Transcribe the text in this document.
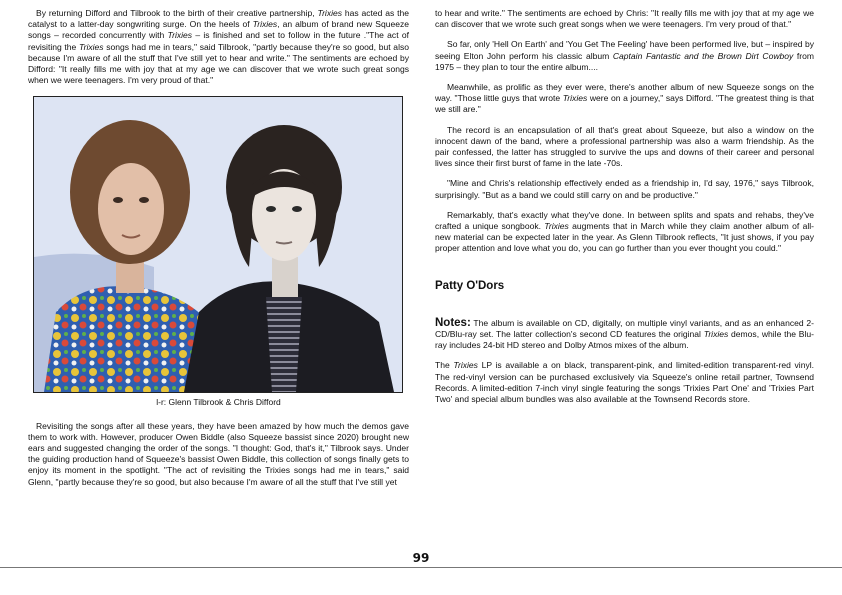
By returning Difford and Tilbrook to the birth of their creative partnership, Trixies has acted as the catalyst to a latter-day songwriting surge. On the heels of Trixies, an album of brand new Squeeze songs – recorded concurrently with Trixies – is finished and set to follow in the future ."The act of revisiting the Trixies songs had me in tears," said Tilbrook, "partly because they're so good, but also because I'm aware of all the stuff that I've still yet to hear and write." The sentiments are echoed by Difford: "It really fills me with joy that at my age we can discover that we wrote such great songs when we were teenagers. I'm very proud of that."

l-r: Glenn Tilbrook & Chris Difford

Revisiting the songs after all these years, they have been amazed by how much the demos gave them to work with. However, producer Owen Biddle (also Squeeze bassist since 2020) brought new ears and suggested changing the order of the songs. "I thought: God, that's it," Tilbrook says. Under the guiding production hand of Squeeze's bassist Owen Biddle, this collection of songs finally gets to enjoy its moment in the spotlight. "The act of revisiting the Trixies songs had me in tears," said Glenn, "partly because they're so good, but also because I'm aware of all the stuff that I've still yet

to hear and write." The sentiments are echoed by Chris: "It really fills me with joy that at my age we can discover that we wrote such great songs when we were teenagers. I'm very proud of that."

So far, only 'Hell On Earth' and 'You Get The Feeling' have been performed live, but – inspired by seeing Elton John perform his classic album Captain Fantastic and the Brown Dirt Cowboy from 1975 – they plan to tour the entire album....

Meanwhile, as prolific as they ever were, there's another album of new Squeeze songs on the way. "Those little guys that wrote Trixies were on a journey," says Difford. "The greatest thing is that we still are."

The record is an encapsulation of all that's great about Squeeze, but also a window on the innocent dawn of the band, where a professional partnership was also a warm friendship. As the pair confessed, the latter has struggled to survive the ups and downs of their career and personal lives since their first burst of fame in the late -70s.

"Mine and Chris's relationship effectively ended as a friendship in, I'd say, 1976," says Tilbrook, surprisingly. "But as a band we could still carry on and be productive."

Remarkably, that's exactly what they've done. In between splits and spats and rehabs, they've crafted a unique songbook. Trixies augments that in March while they claim another album of all-new material can be expected later in the year. As Glenn Tilbrook reflects, "It just shows, if you pay proper attention and love what you do, you can go further than you ever thought you could."

Patty O'Dors

Notes: The album is available on CD, digitally, on multiple vinyl variants, and as an enhanced 2-CD/Blu-ray set. The latter collection's second CD features the original Trixies demos, while the Blu-ray includes 24-bit HD stereo and Dolby Atmos mixes of the album.

The Trixies LP is available a on black, transparent-pink, and limited-edition transparent-red vinyl. The red-vinyl version can be purchased exclusively via Squeeze's online retail partner, Townsend Records. A limited-edition 7-inch vinyl single featuring the songs 'Trixies Part One' and 'Trixies Part Two' and special album bundles was also available at the Townsend Records store.

99
